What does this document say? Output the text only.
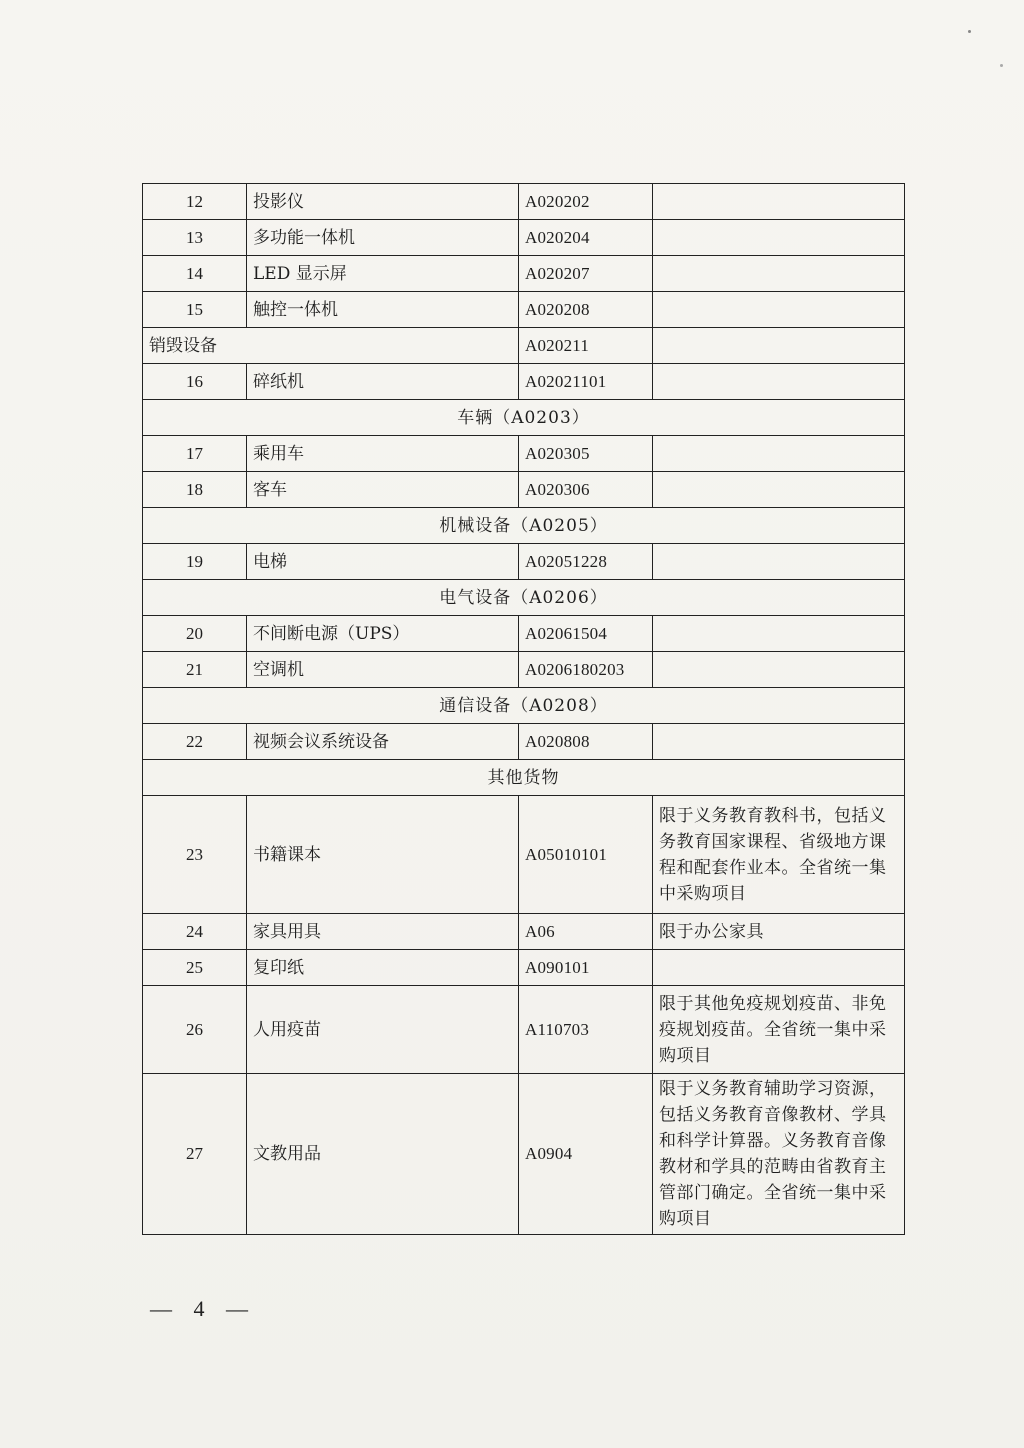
12	投影仪	A020202	
13	多功能一体机	A020204	
14	LED 显示屏	A020207	
15	触控一体机	A020208	
销毁设备		A020211	
16	碎纸机	A02021101	
车辆（A0203）			
17	乘用车	A020305	
18	客车	A020306	
机械设备（A0205）			
19	电梯	A02051228	
电气设备（A0206）			
20	不间断电源（UPS）	A02061504	
21	空调机	A0206180203	
通信设备（A0208）			
22	视频会议系统设备	A020808	
其他货物			
23	书籍课本	A05010101	限于义务教育教科书，包括义务教育国家课程、省级地方课程和配套作业本。全省统一集中采购项目
24	家具用具	A06	限于办公家具
25	复印纸	A090101	
26	人用疫苗	A110703	限于其他免疫规划疫苗、非免疫规划疫苗。全省统一集中采购项目
27	文教用品	A0904	限于义务教育辅助学习资源，包括义务教育音像教材、学具和科学计算器。义务教育音像教材和学具的范畴由省教育主管部门确定。全省统一集中采购项目
— 4 —
